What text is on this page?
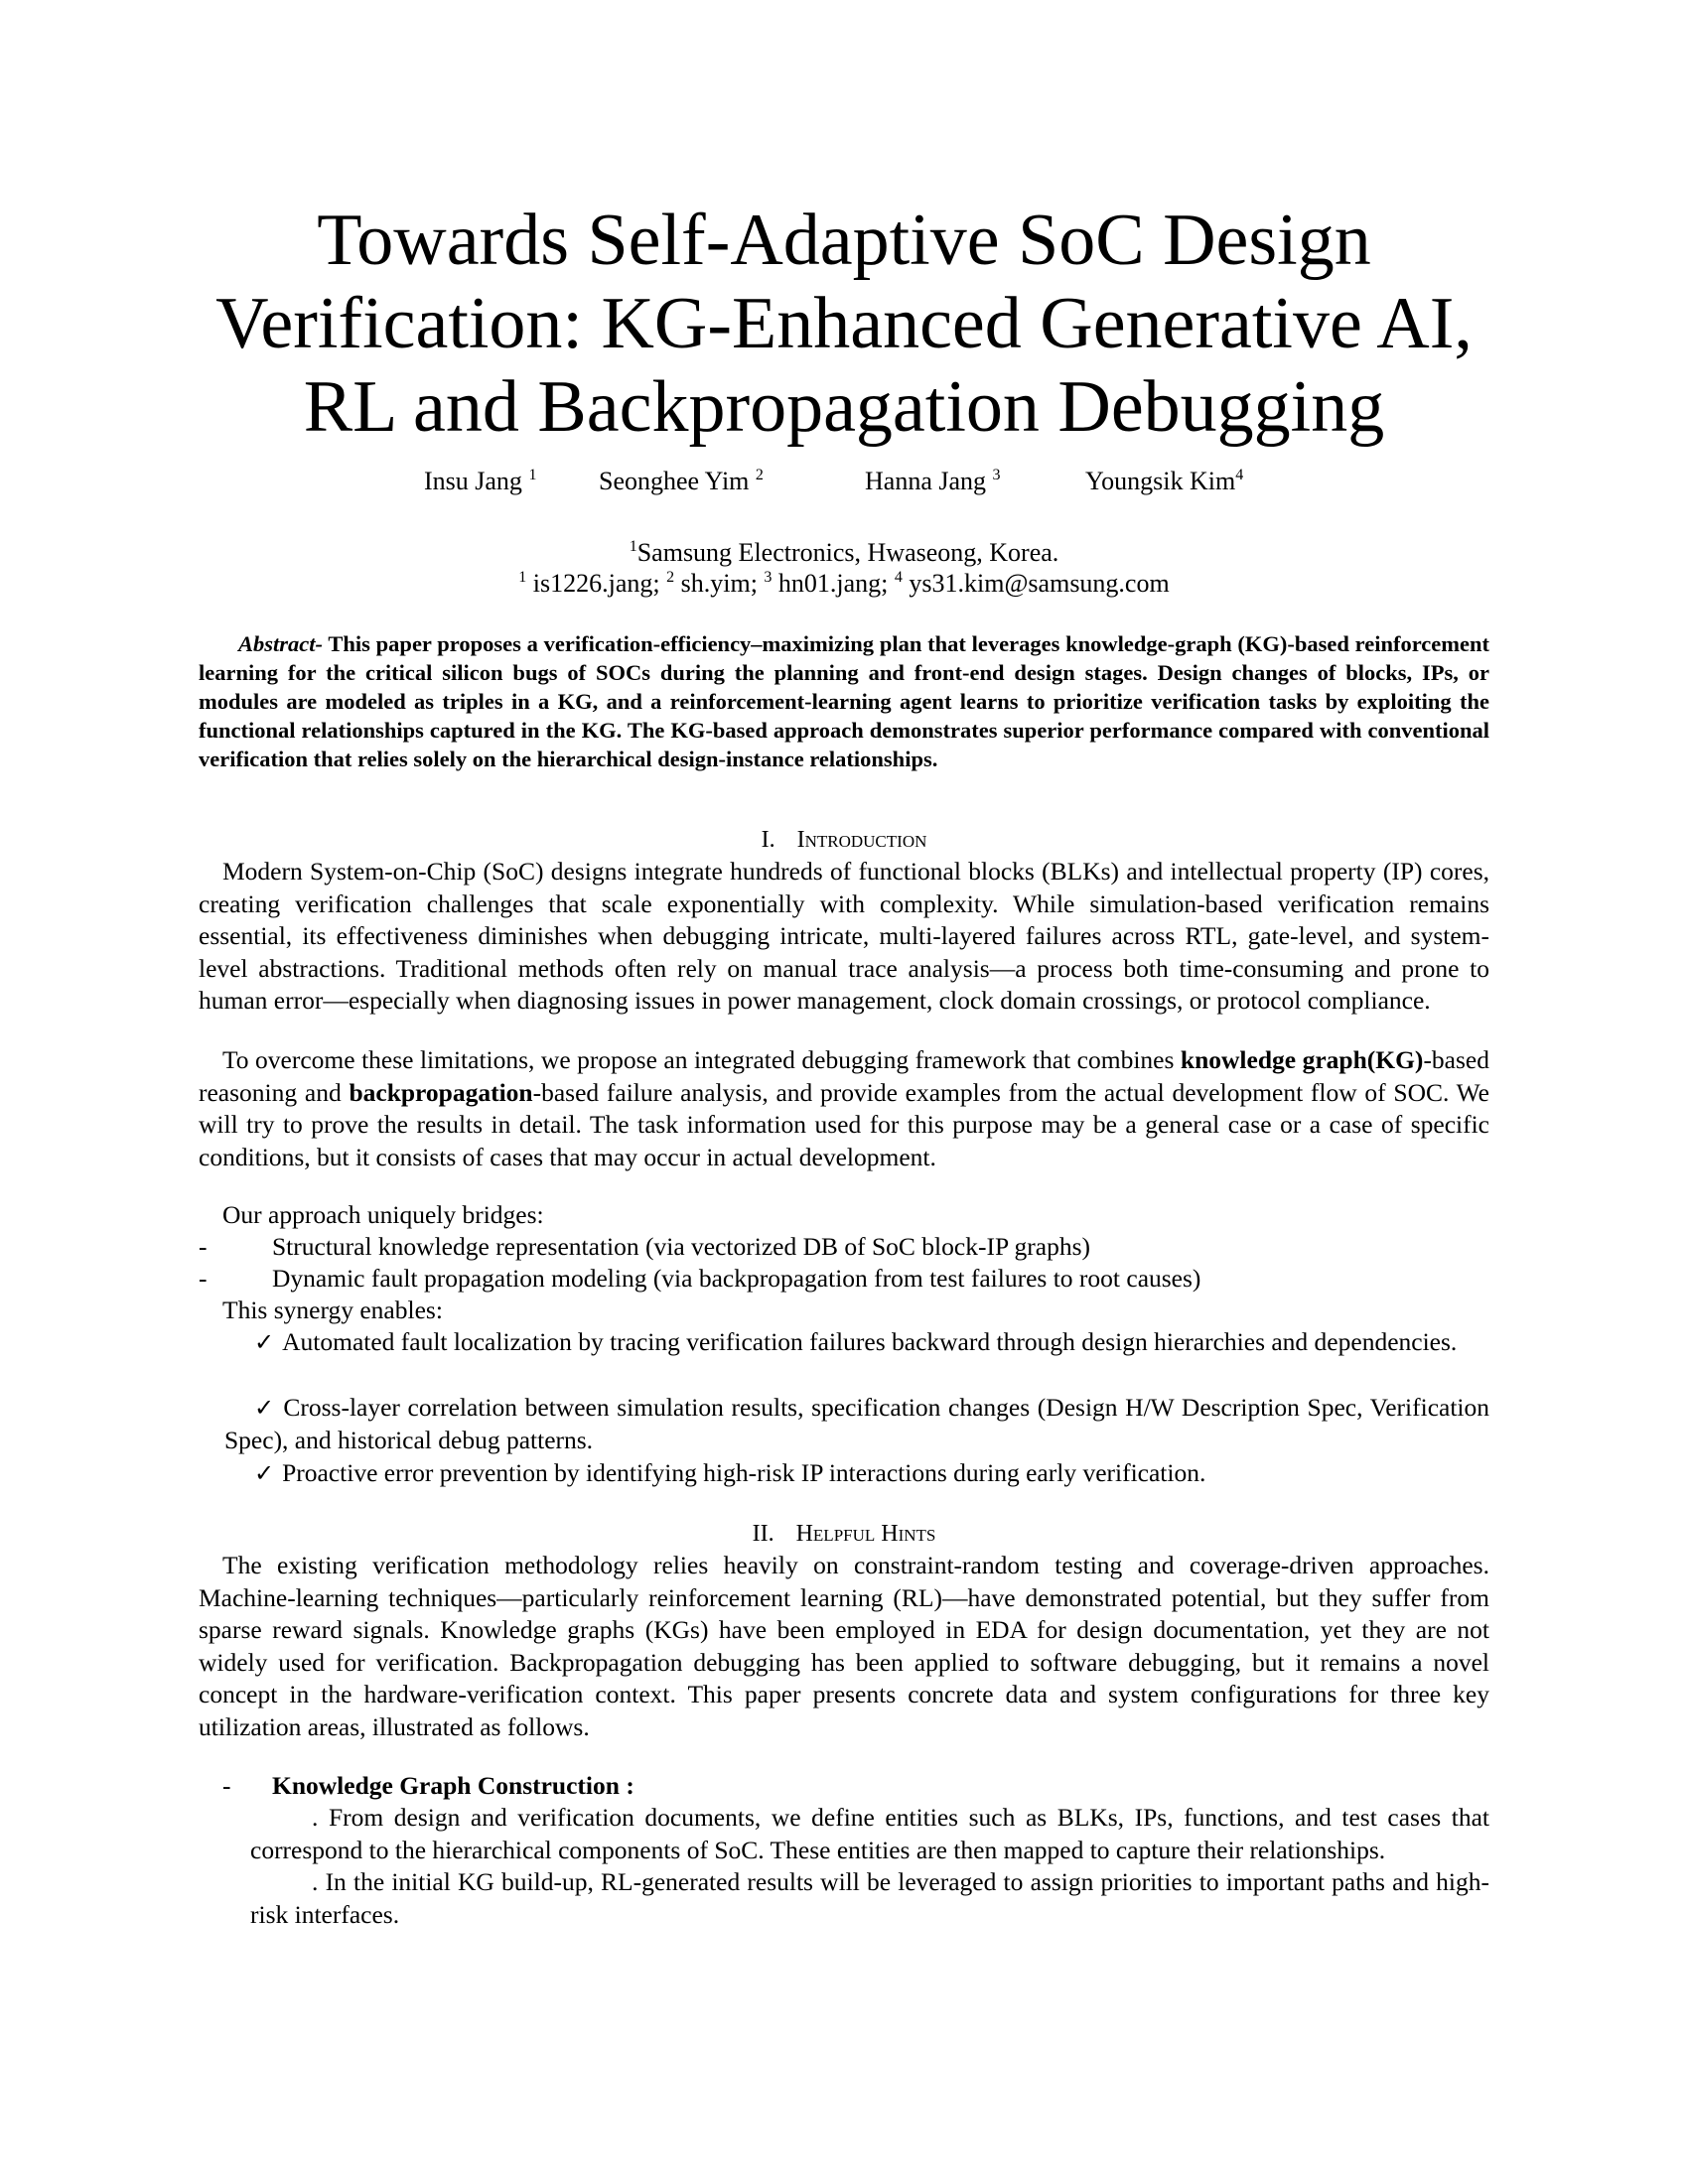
Towards Self-Adaptive SoC Design Verification: KG-Enhanced Generative AI, RL and Backpropagation Debugging
Insu Jang $^1$ Seonghee Yim $^2$	Hanna Jang $^3$	Youngsik Kim$^4$
$^1$Samsung Electronics, Hwaseong, Korea.
$^1$ is1226.jang; $^2$ sh.yim; $^3$ hn01.jang; $^4$ ys31.kim@samsung.com

Abstract- This paper proposes a verification-efficiency–maximizing plan that leverages knowledge-graph (KG)-based reinforcement learning for the critical silicon bugs of SOCs during the planning and front-end design stages. Design changes of blocks, IPs, or modules are modeled as triples in a KG, and a reinforcement-learning agent learns to prioritize verification tasks by exploiting the functional relationships captured in the KG. The KG-based approach demonstrates superior performance compared with conventional verification that relies solely on the hierarchical design-instance relationships.

I. Introduction

Modern System-on-Chip (SoC) designs integrate hundreds of functional blocks (BLKs) and intellectual property (IP) cores, creating verification challenges that scale exponentially with complexity. While simulation-based verification remains essential, its effectiveness diminishes when debugging intricate, multi-layered failures across RTL, gate-level, and system-level abstractions. Traditional methods often rely on manual trace analysis—a process both time-consuming and prone to human error—especially when diagnosing issues in power management, clock domain crossings, or protocol compliance.

To overcome these limitations, we propose an integrated debugging framework that combines knowledge graph(KG)-based reasoning and backpropagation-based failure analysis, and provide examples from the actual development flow of SOC. We will try to prove the results in detail. The task information used for this purpose may be a general case or a case of specific conditions, but it consists of cases that may occur in actual development.

Our approach uniquely bridges:

-	Structural knowledge representation (via vectorized DB of SoC block-IP graphs)
-	Dynamic fault propagation modeling (via backpropagation from test failures to root causes)

This synergy enables:

✓ Automated fault localization by tracing verification failures backward through design hierarchies and dependencies.

✓ Cross-layer correlation between simulation results, specification changes (Design H/W Description Spec, Verification Spec), and historical debug patterns.

✓ Proactive error prevention by identifying high-risk IP interactions during early verification.

II. Helpful Hints

The existing verification methodology relies heavily on constraint-random testing and coverage-driven approaches. Machine-learning techniques—particularly reinforcement learning (RL)—have demonstrated potential, but they suffer from sparse reward signals. Knowledge graphs (KGs) have been employed in EDA for design documentation, yet they are not widely used for verification. Backpropagation debugging has been applied to software debugging, but it remains a novel concept in the hardware-verification context. This paper presents concrete data and system configurations for three key utilization areas, illustrated as follows.

- Knowledge Graph Construction :

. From design and verification documents, we define entities such as BLKs, IPs, functions, and test cases that correspond to the hierarchical components of SoC. These entities are then mapped to capture their relationships.

. In the initial KG build-up, RL-generated results will be leveraged to assign priorities to important paths and high-risk interfaces.
